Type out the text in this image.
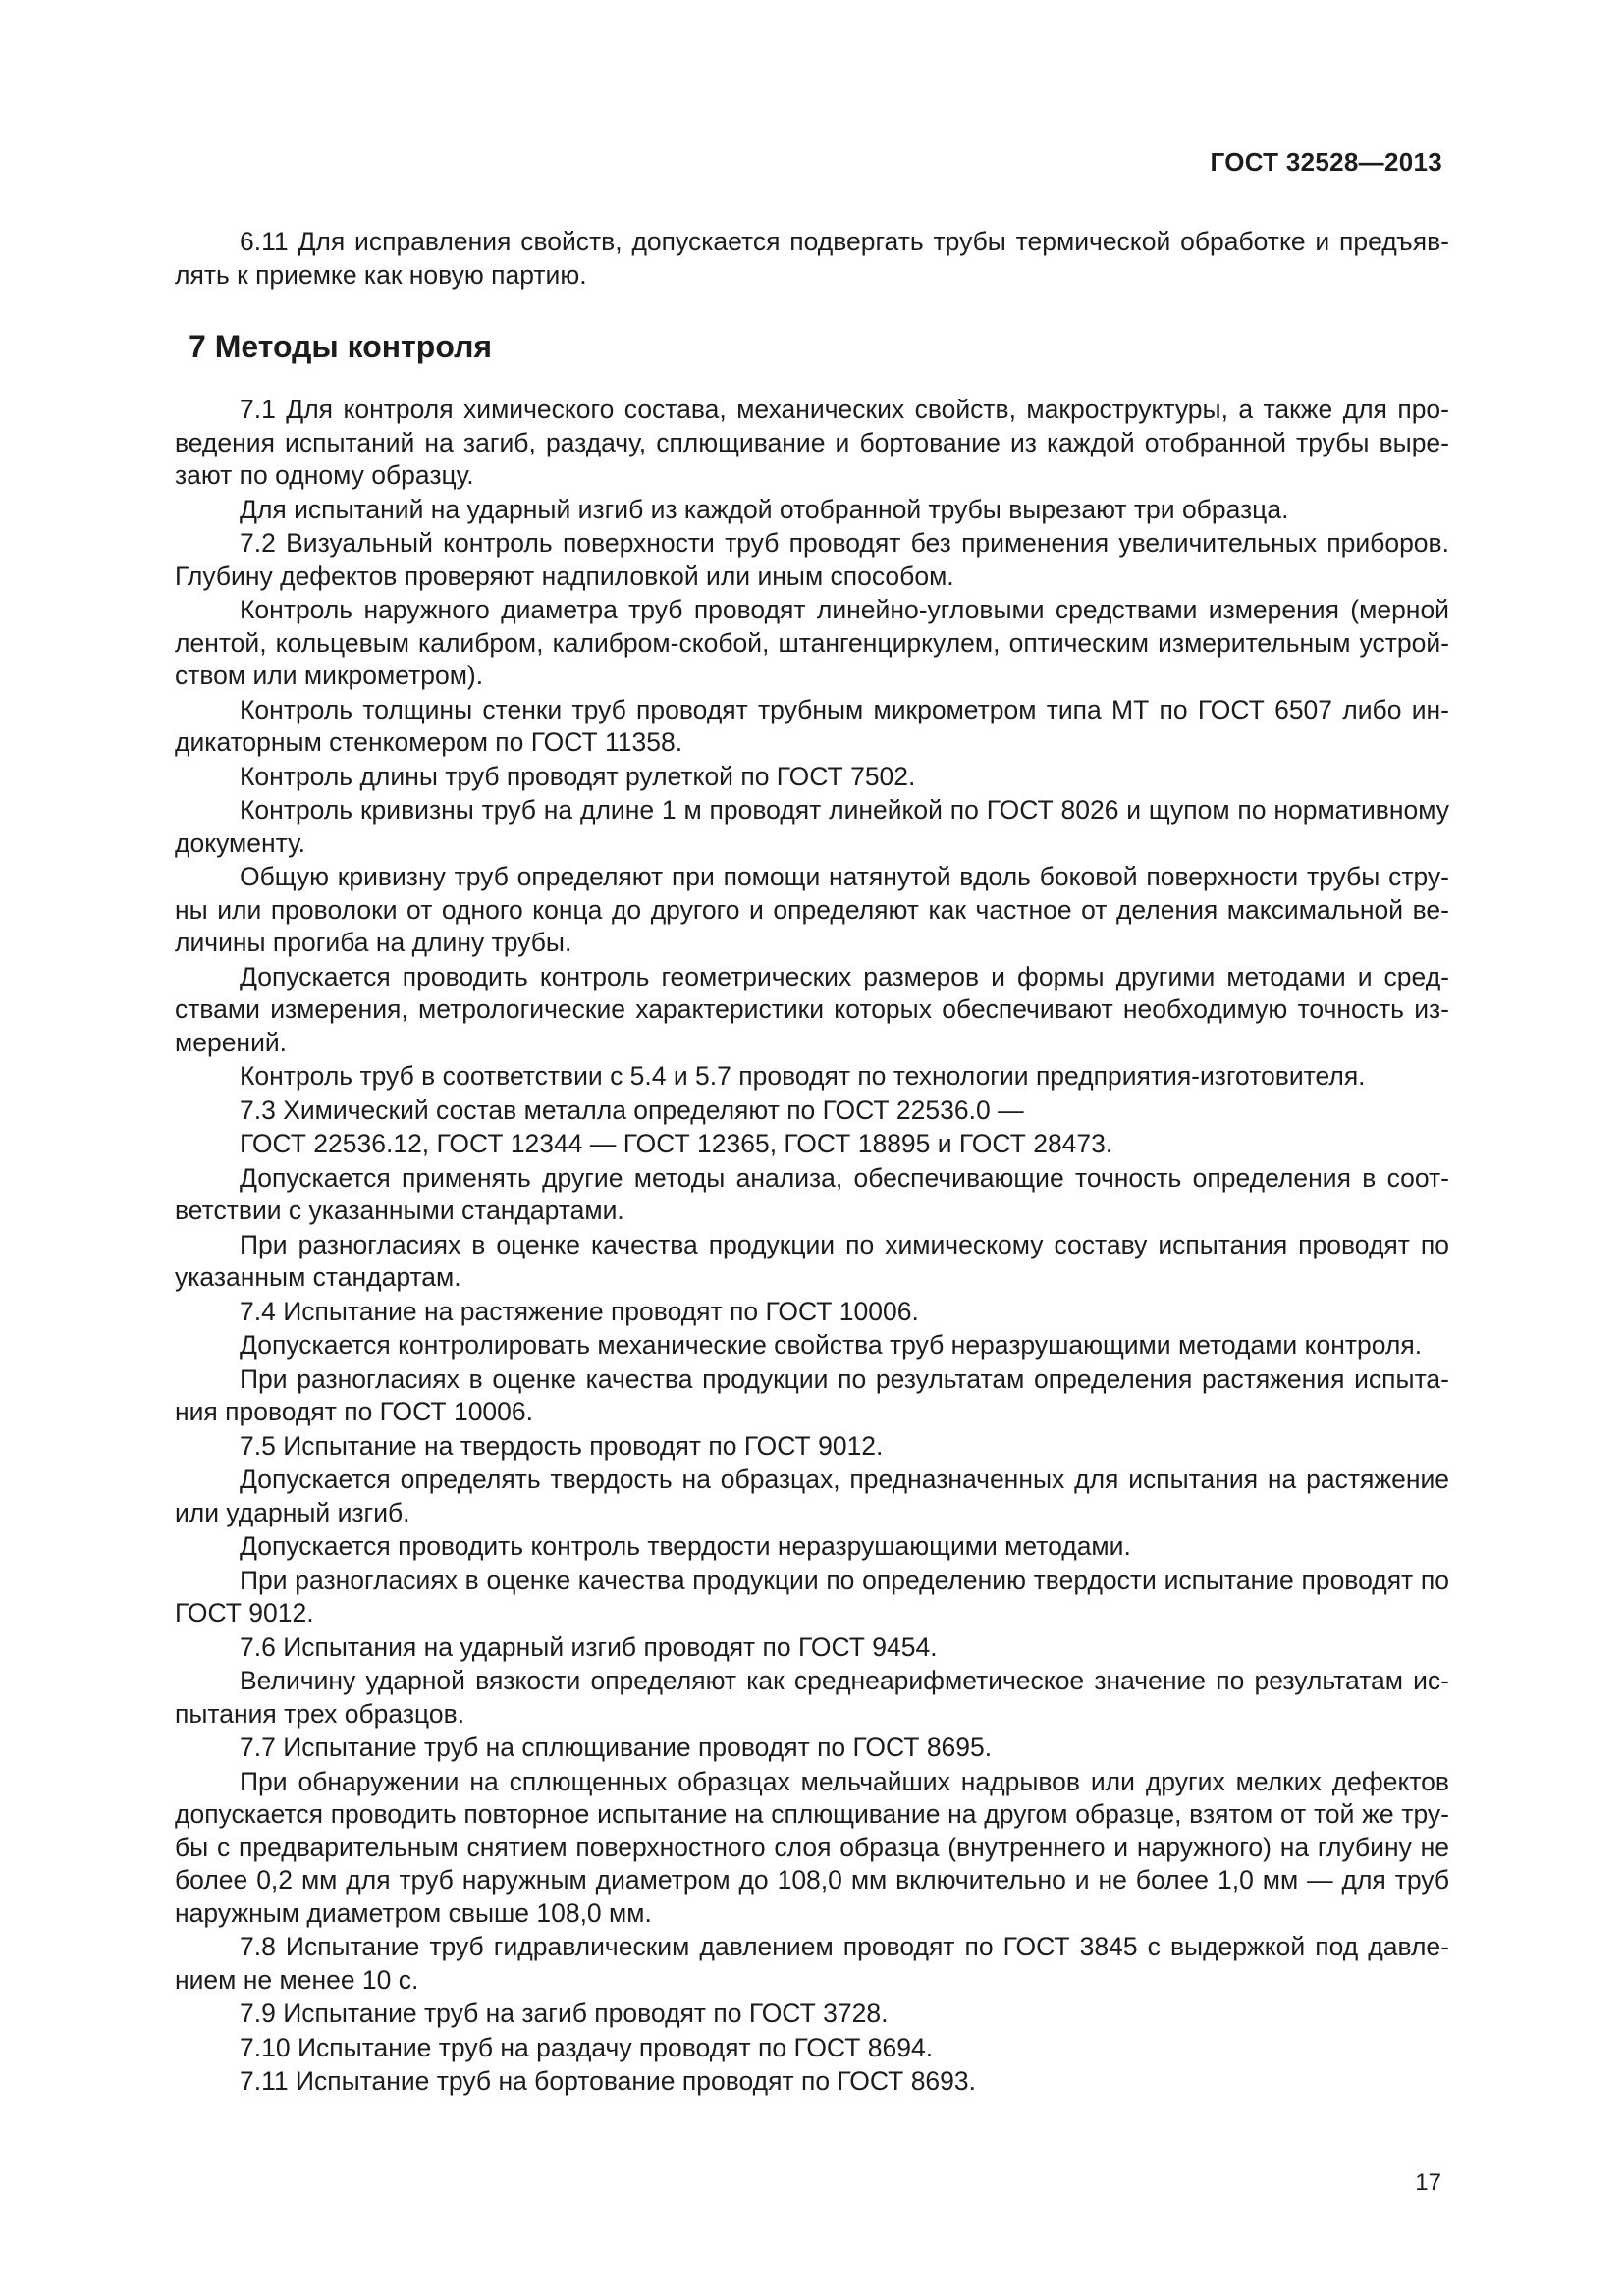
ГОСТ 32528—2013

6.11 Для исправления свойств, допускается подвергать трубы термической обработке и предъявлять к приемке как новую партию.

7 Методы контроля

7.1 Для контроля химического состава, механических свойств, макроструктуры, а также для проведения испытаний на загиб, раздачу, сплющивание и бортование из каждой отобранной трубы вырезают по одному образцу.

Для испытаний на ударный изгиб из каждой отобранной трубы вырезают три образца.

7.2 Визуальный контроль поверхности труб проводят без применения увеличительных приборов. Глубину дефектов проверяют надпиловкой или иным способом.

Контроль наружного диаметра труб проводят линейно-угловыми средствами измерения (мерной лентой, кольцевым калибром, калибром-скобой, штангенциркулем, оптическим измерительным устройством или микрометром).

Контроль толщины стенки труб проводят трубным микрометром типа МТ по ГОСТ 6507 либо индикаторным стенкомером по ГОСТ 11358.

Контроль длины труб проводят рулеткой по ГОСТ 7502.

Контроль кривизны труб на длине 1 м проводят линейкой по ГОСТ 8026 и щупом по нормативному документу.

Общую кривизну труб определяют при помощи натянутой вдоль боковой поверхности трубы струны или проволоки от одного конца до другого и определяют как частное от деления максимальной величины прогиба на длину трубы.

Допускается проводить контроль геометрических размеров и формы другими методами и средствами измерения, метрологические характеристики которых обеспечивают необходимую точность измерений.

Контроль труб в соответствии с 5.4 и 5.7 проводят по технологии предприятия-изготовителя.

7.3 Химический состав металла определяют по ГОСТ 22536.0 —

ГОСТ 22536.12, ГОСТ 12344 — ГОСТ 12365, ГОСТ 18895 и ГОСТ 28473.

Допускается применять другие методы анализа, обеспечивающие точность определения в соответствии с указанными стандартами.

При разногласиях в оценке качества продукции по химическому составу испытания проводят по указанным стандартам.

7.4 Испытание на растяжение проводят по ГОСТ 10006.

Допускается контролировать механические свойства труб неразрушающими методами контроля.

При разногласиях в оценке качества продукции по результатам определения растяжения испытания проводят по ГОСТ 10006.

7.5 Испытание на твердость проводят по ГОСТ 9012.

Допускается определять твердость на образцах, предназначенных для испытания на растяжение или ударный изгиб.

Допускается проводить контроль твердости неразрушающими методами.

При разногласиях в оценке качества продукции по определению твердости испытание проводят по ГОСТ 9012.

7.6 Испытания на ударный изгиб проводят по ГОСТ 9454.

Величину ударной вязкости определяют как среднеарифметическое значение по результатам испытания трех образцов.

7.7 Испытание труб на сплющивание проводят по ГОСТ 8695.

При обнаружении на сплющенных образцах мельчайших надрывов или других мелких дефектов допускается проводить повторное испытание на сплющивание на другом образце, взятом от той же трубы с предварительным снятием поверхностного слоя образца (внутреннего и наружного) на глубину не более 0,2 мм для труб наружным диаметром до 108,0 мм включительно и не более 1,0 мм — для труб наружным диаметром свыше 108,0 мм.

7.8 Испытание труб гидравлическим давлением проводят по ГОСТ 3845 с выдержкой под давлением не менее 10 с.

7.9 Испытание труб на загиб проводят по ГОСТ 3728.

7.10 Испытание труб на раздачу проводят по ГОСТ 8694.

7.11 Испытание труб на бортование проводят по ГОСТ 8693.

17
